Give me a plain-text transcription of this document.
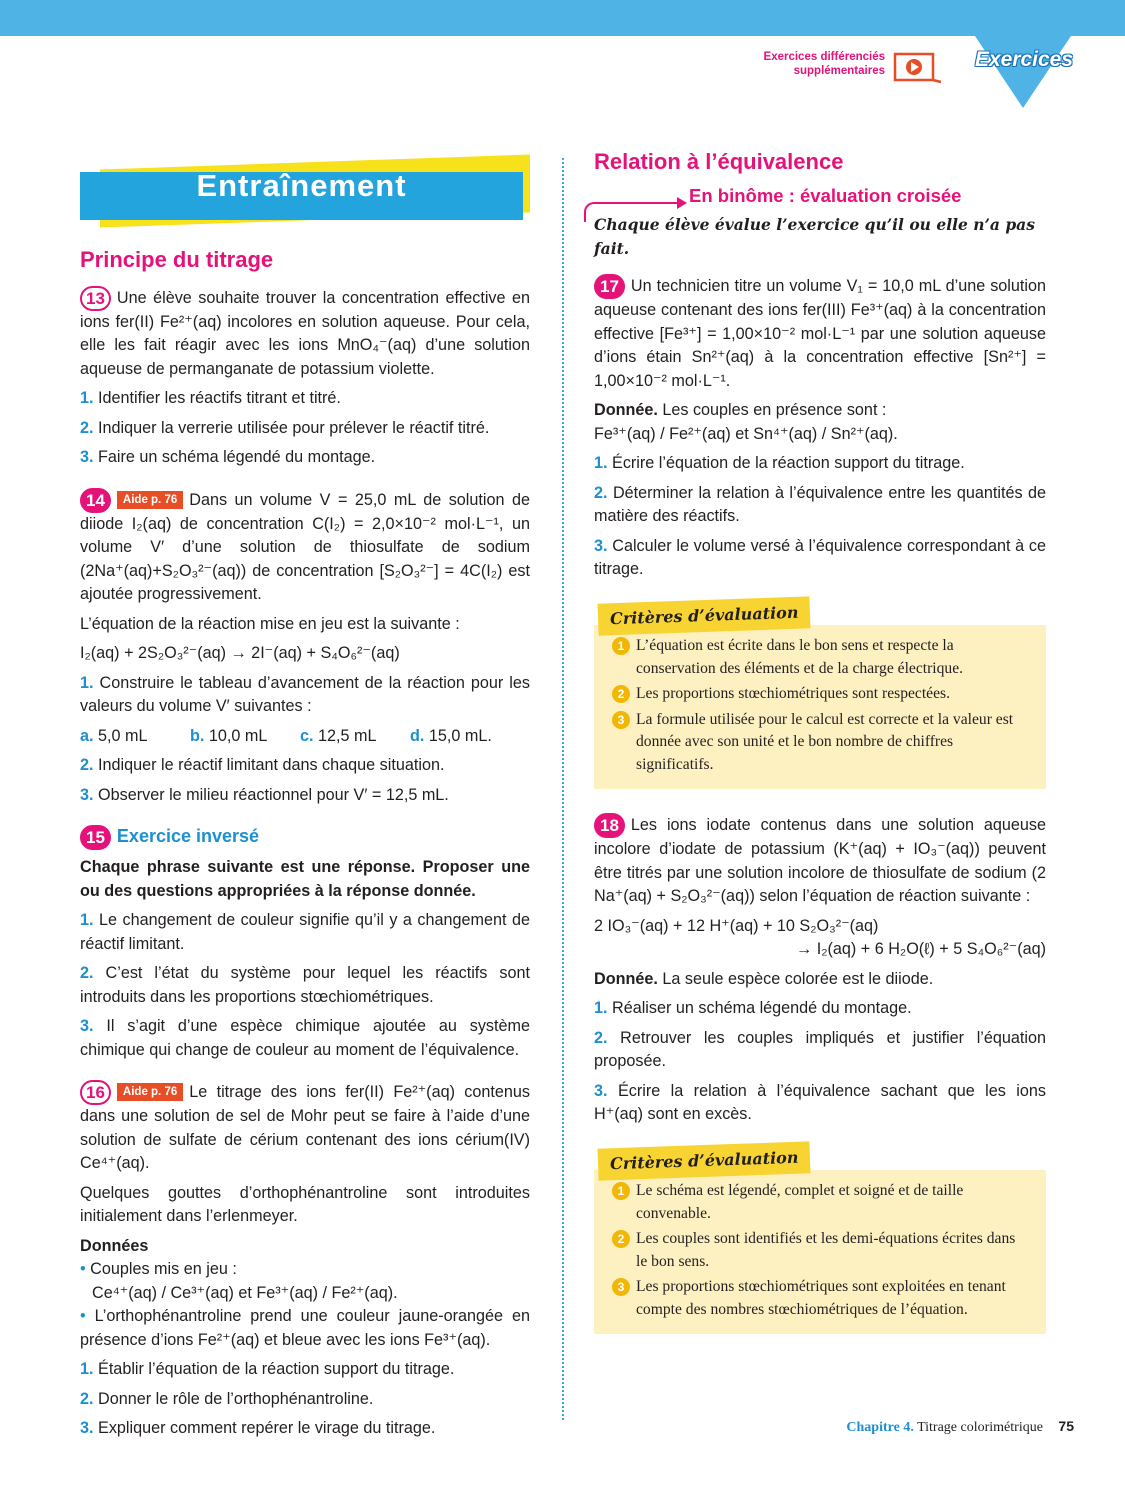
Exercices différenciés
supplémentaires	Exercices
Entraînement
Principe du titrage

13 Une élève souhaite trouver la concentration effective en ions fer(II) Fe²⁺(aq) incolores en solution aqueuse. Pour cela, elle les fait réagir avec les ions MnO₄⁻(aq) d’une solution aqueuse de permanganate de potassium violette.

1. Identifier les réactifs titrant et titré.

2. Indiquer la verrerie utilisée pour prélever le réactif titré.

3. Faire un schéma légendé du montage.

14 Aide p. 76 Dans un volume V = 25,0 mL de solution de diiode I₂(aq) de concentration C(I₂) = 2,0×10⁻² mol·L⁻¹, un volume V′ d’une solution de thiosulfate de sodium (2Na⁺(aq)+S₂O₃²⁻(aq)) de concentration [S₂O₃²⁻] = 4C(I₂) est ajoutée progressivement.

L’équation de la réaction mise en jeu est la suivante :

I₂(aq) + 2S₂O₃²⁻(aq) → 2I⁻(aq) + S₄O₆²⁻(aq)

1. Construire le tableau d’avancement de la réaction pour les valeurs du volume V′ suivantes :

a. 5,0 mL	b. 10,0 mL c. 12,5 mL d. 15,0 mL.

2. Indiquer le réactif limitant dans chaque situation.

3. Observer le milieu réactionnel pour V′ = 12,5 mL.

15 Exercice inversé

Chaque phrase suivante est une réponse. Proposer une ou des questions appropriées à la réponse donnée.

1. Le changement de couleur signifie qu’il y a changement de réactif limitant.

2. C’est l’état du système pour lequel les réactifs sont introduits dans les proportions stœchiométriques.

3. Il s’agit d’une espèce chimique ajoutée au système chimique qui change de couleur au moment de l’équivalence.

16 Aide p. 76 Le titrage des ions fer(II) Fe²⁺(aq) contenus dans une solution de sel de Mohr peut se faire à l’aide d’une solution de sulfate de cérium contenant des ions cérium(IV) Ce⁴⁺(aq).

Quelques gouttes d’orthophénantroline sont introduites initialement dans l’erlenmeyer.

Données

• Couples mis en jeu :

Ce⁴⁺(aq) / Ce³⁺(aq) et Fe³⁺(aq) / Fe²⁺(aq).

• L’orthophénantroline prend une couleur jaune-orangée en présence d’ions Fe²⁺(aq) et bleue avec les ions Fe³⁺(aq).

1. Établir l’équation de la réaction support du titrage.

2. Donner le rôle de l’orthophénantroline.

3. Expliquer comment repérer le virage du titrage.

Relation à l’équivalence
En binôme : évaluation croisée

Chaque élève évalue l’exercice qu’il ou elle n’a pas fait.

17 Un technicien titre un volume V₁ = 10,0 mL d’une solution aqueuse contenant des ions fer(III) Fe³⁺(aq) à la concentration effective [Fe³⁺] = 1,00×10⁻² mol·L⁻¹ par une solution aqueuse d’ions étain Sn²⁺(aq) à la concentration effective [Sn²⁺] = 1,00×10⁻² mol·L⁻¹.

Donnée. Les couples en présence sont :

Fe³⁺(aq) / Fe²⁺(aq) et Sn⁴⁺(aq) / Sn²⁺(aq).

1. Écrire l’équation de la réaction support du titrage.

2. Déterminer la relation à l’équivalence entre les quantités de matière des réactifs.

3. Calculer le volume versé à l’équivalence correspondant à ce titrage.

Critères d’évaluation
1 L’équation est écrite dans le bon sens et respecte la conservation des éléments et de la charge électrique.
2 Les proportions stœchiométriques sont respectées.
3 La formule utilisée pour le calcul est correcte et la valeur est donnée avec son unité et le bon nombre de chiffres significatifs.

18 Les ions iodate contenus dans une solution aqueuse incolore d’iodate de potassium (K⁺(aq) + IO₃⁻(aq)) peuvent être titrés par une solution incolore de thiosulfate de sodium (2 Na⁺(aq) + S₂O₃²⁻(aq)) selon l’équation de réaction suivante :

2 IO₃⁻(aq) + 12 H⁺(aq) + 10 S₂O₃²⁻(aq)

→ I₂(aq) + 6 H₂O(ℓ) + 5 S₄O₆²⁻(aq)

Donnée. La seule espèce colorée est le diiode.

1. Réaliser un schéma légendé du montage.

2. Retrouver les couples impliqués et justifier l’équation proposée.

3. Écrire la relation à l’équivalence sachant que les ions H⁺(aq) sont en excès.

Critères d’évaluation
1 Le schéma est légendé, complet et soigné et de taille convenable.
2 Les couples sont identifiés et les demi-équations écrites dans le bon sens.
3 Les proportions stœchiométriques sont exploitées en tenant compte des nombres stœchiométriques de l’équation.
Chapitre 4. Titrage colorimétrique 75
